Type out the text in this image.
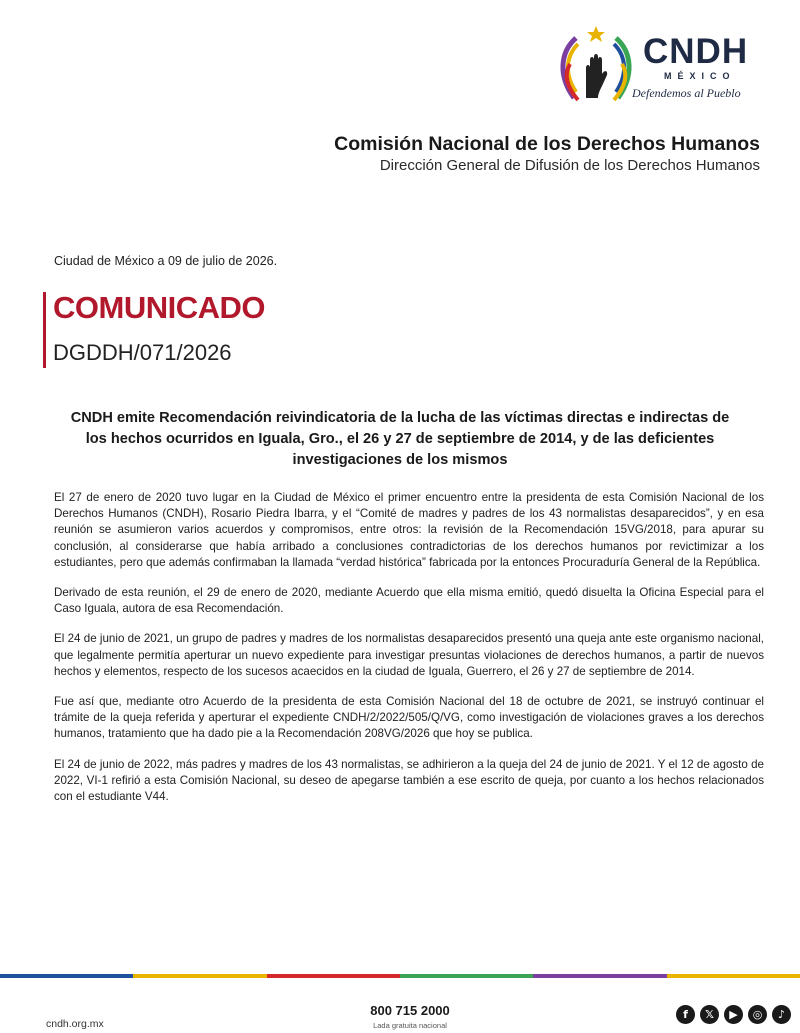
CNDH
MÉXICO
Defendemos al Pueblo
Comisión Nacional de los Derechos Humanos
Dirección General de Difusión de los Derechos Humanos
Ciudad de México a 09 de julio de 2026.
COMUNICADO
DGDDH/071/2026
CNDH emite Recomendación reivindicatoria de la lucha de las víctimas directas e indirectas de los hechos ocurridos en Iguala, Gro., el 26 y 27 de septiembre de 2014, y de las deficientes investigaciones de los mismos

El 27 de enero de 2020 tuvo lugar en la Ciudad de México el primer encuentro entre la presidenta de esta Comisión Nacional de los Derechos Humanos (CNDH), Rosario Piedra Ibarra, y el “Comité de madres y padres de los 43 normalistas desaparecidos”, y en esa reunión se asumieron varios acuerdos y compromisos, entre otros: la revisión de la Recomendación 15VG/2018, para apurar su conclusión, al considerarse que había arribado a conclusiones contradictorias de los derechos humanos por revictimizar a los estudiantes, pero que además confirmaban la llamada “verdad histórica” fabricada por la entonces Procuraduría General de la República.

Derivado de esta reunión, el 29 de enero de 2020, mediante Acuerdo que ella misma emitió, quedó disuelta la Oficina Especial para el Caso Iguala, autora de esa Recomendación.

El 24 de junio de 2021, un grupo de padres y madres de los normalistas desaparecidos presentó una queja ante este organismo nacional, que legalmente permitía aperturar un nuevo expediente para investigar presuntas violaciones de derechos humanos, a partir de nuevos hechos y elementos, respecto de los sucesos acaecidos en la ciudad de Iguala, Guerrero, el 26 y 27 de septiembre de 2014.

Fue así que, mediante otro Acuerdo de la presidenta de esta Comisión Nacional del 18 de octubre de 2021, se instruyó continuar el trámite de la queja referida y aperturar el expediente CNDH/2/2022/505/Q/VG, como investigación de violaciones graves a los derechos humanos, tratamiento que ha dado pie a la Recomendación 208VG/2026 que hoy se publica.

El 24 de junio de 2022, más padres y madres de los 43 normalistas, se adhirieron a la queja del 24 de junio de 2021. Y el 12 de agosto de 2022, VI-1 refirió a esta Comisión Nacional, su deseo de apegarse también a ese escrito de queja, por cuanto a los hechos relacionados con el estudiante V44.

cndh.org.mx
800 715 2000
Lada gratuita nacional
f	𝕏	▶	◎	♪
